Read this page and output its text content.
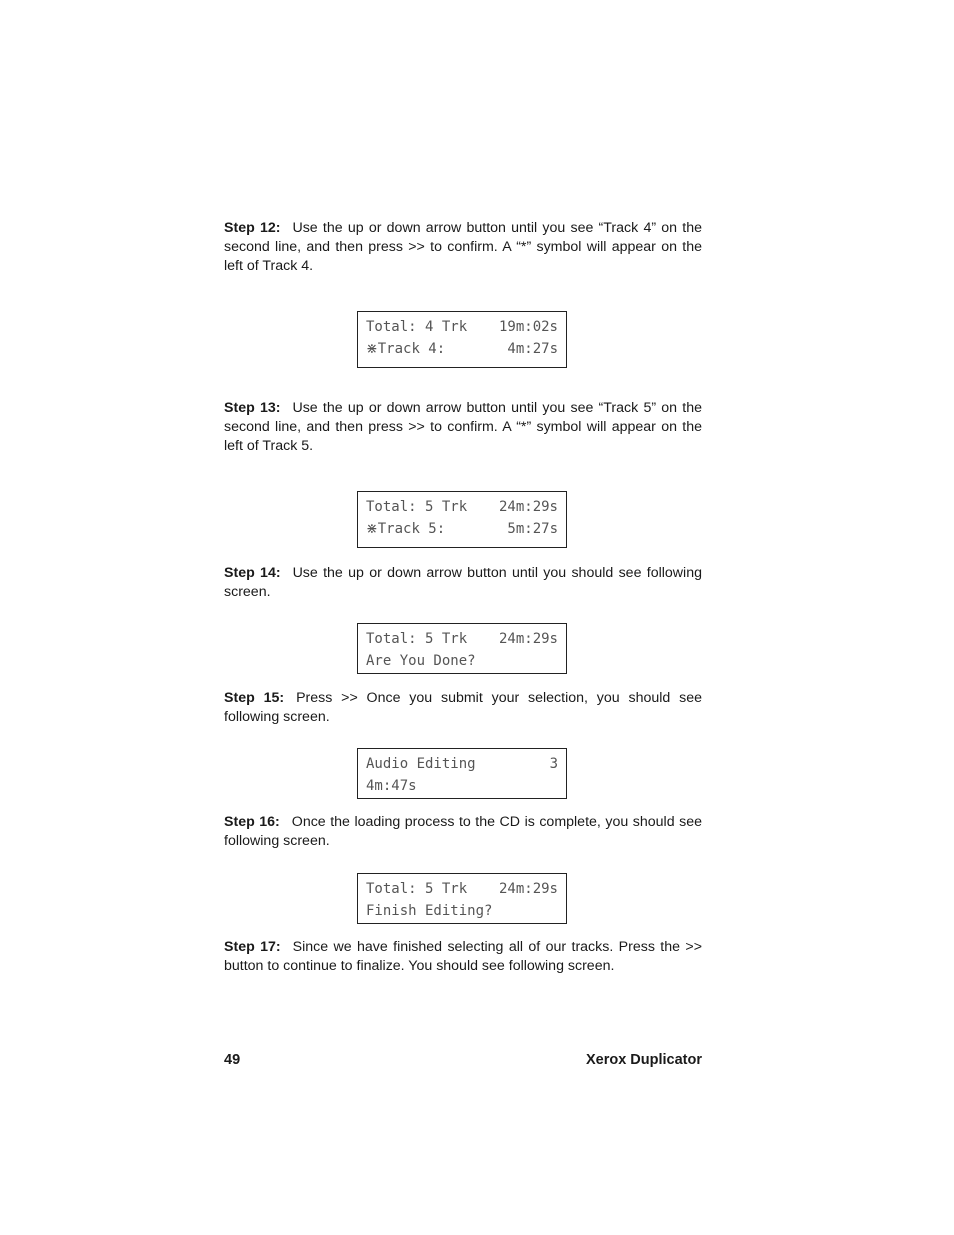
Step 12: Use the up or down arrow button until you see “Track 4” on the second line, and then press >> to confirm. A “*” symbol will appear on the left of Track 4.
Total: 4 Trk 19m:02s
⋇Track 4:	4m:27s
Step 13: Use the up or down arrow button until you see “Track 5” on the second line, and then press >> to confirm. A “*” symbol will appear on the left of Track 5.
Total: 5 Trk 24m:29s
⋇Track 5:	5m:27s
Step 14: Use the up or down arrow button until you should see following screen.
Total: 5 Trk 24m:29s
Are You Done?
Step 15: Press >> Once you submit your selection, you should see following screen.
Audio Editing	3
4m:47s
Step 16: Once the loading process to the CD is complete, you should see following screen.
Total: 5 Trk 24m:29s
Finish Editing?
Step 17: Since we have finished selecting all of our tracks. Press the >> button to continue to finalize. You should see following screen.
49	Xerox Duplicator
